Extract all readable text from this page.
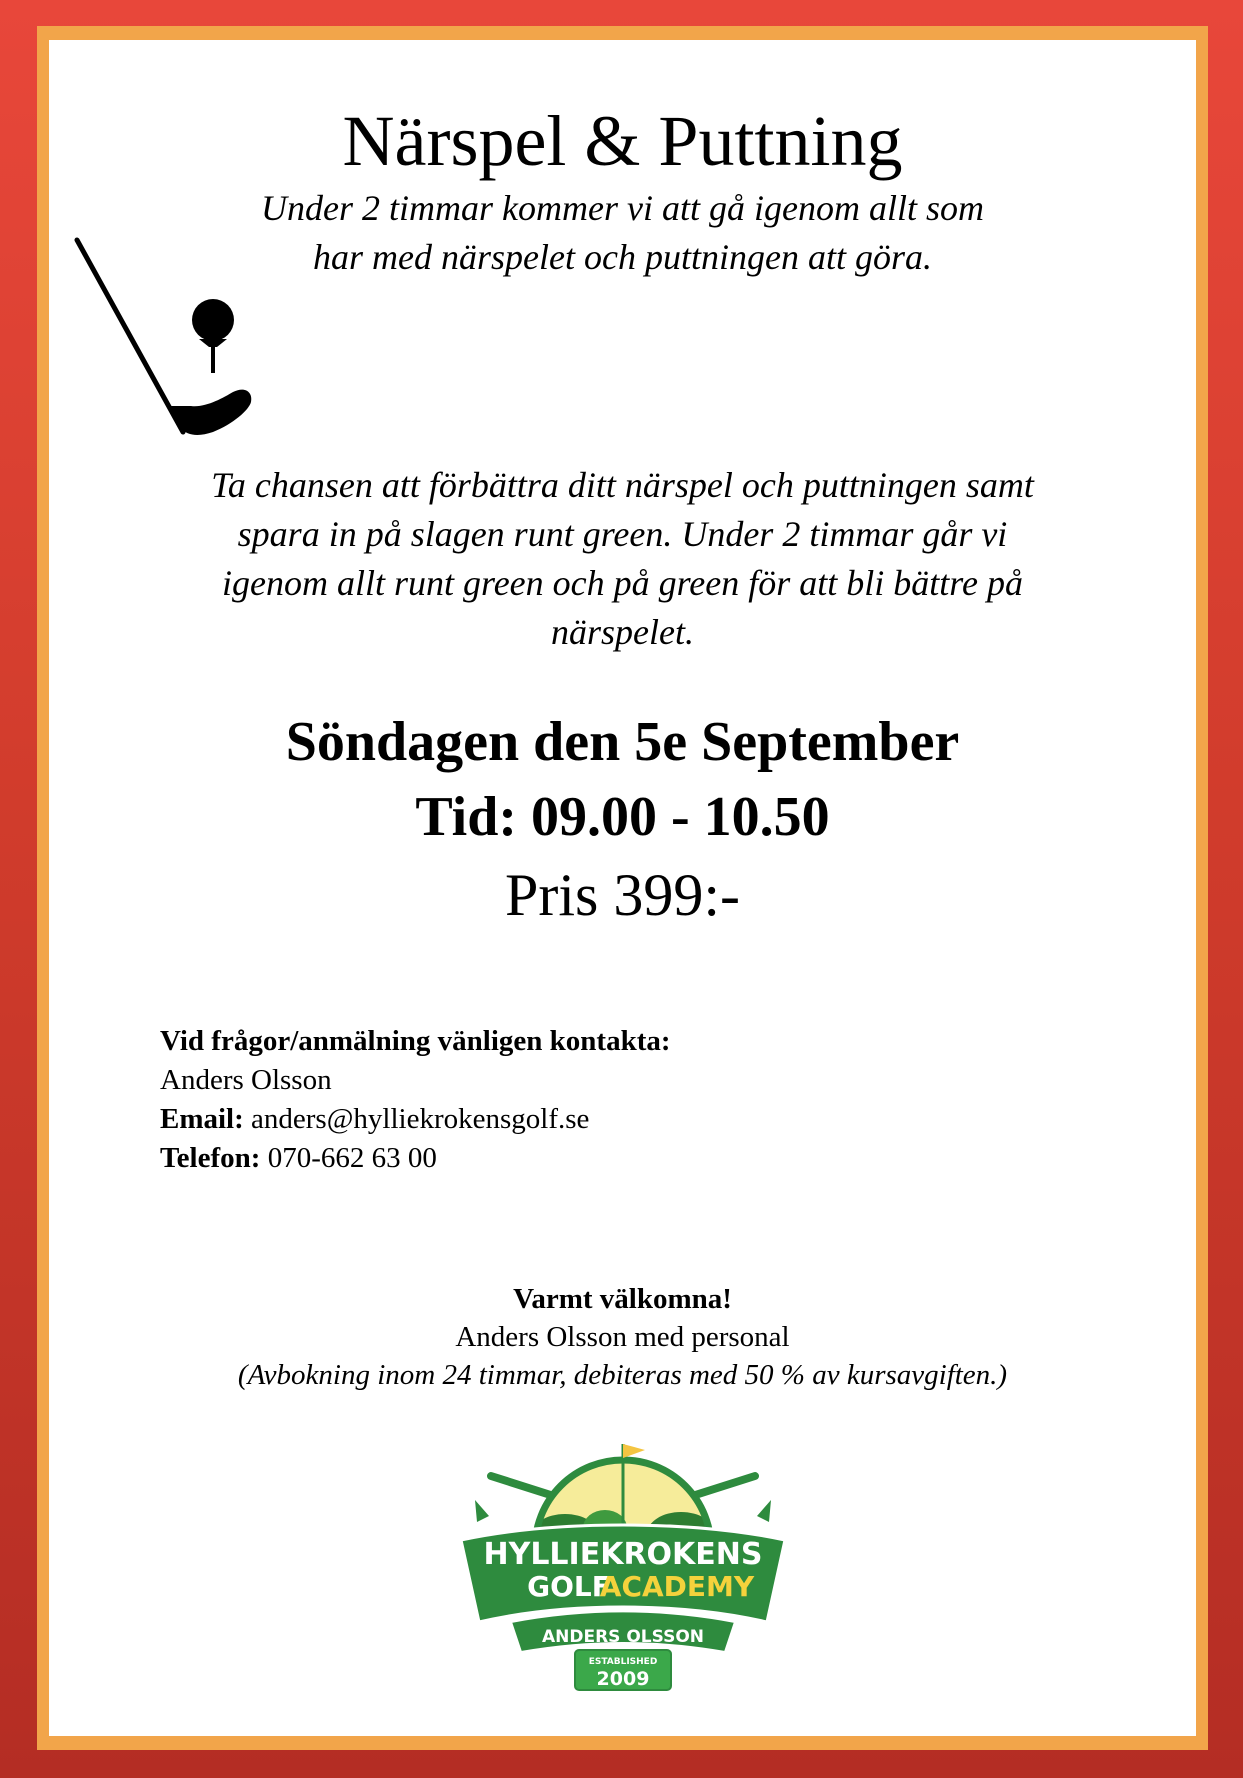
Närspel & Puttning
Under 2 timmar kommer vi att gå igenom allt som
har med närspelet och puttningen att göra.
Ta chansen att förbättra ditt närspel och puttningen samt
spara in på slagen runt green. Under 2 timmar går vi
igenom allt runt green och på green för att bli bättre på
närspelet.
Söndagen den 5e September
Tid: 09.00 - 10.50
Pris 399:-
Vid frågor/anmälning vänligen kontakta:
Anders Olsson
Email: anders@hylliekrokensgolf.se
Telefon: 070-662 63 00
Varmt välkomna!
Anders Olsson med personal
(Avbokning inom 24 timmar, debiteras med 50 % av kursavgiften.)
HYLLIEKROKENS
GOLF
ACADEMY
ANDERS OLSSON
ESTABLISHED
2009
